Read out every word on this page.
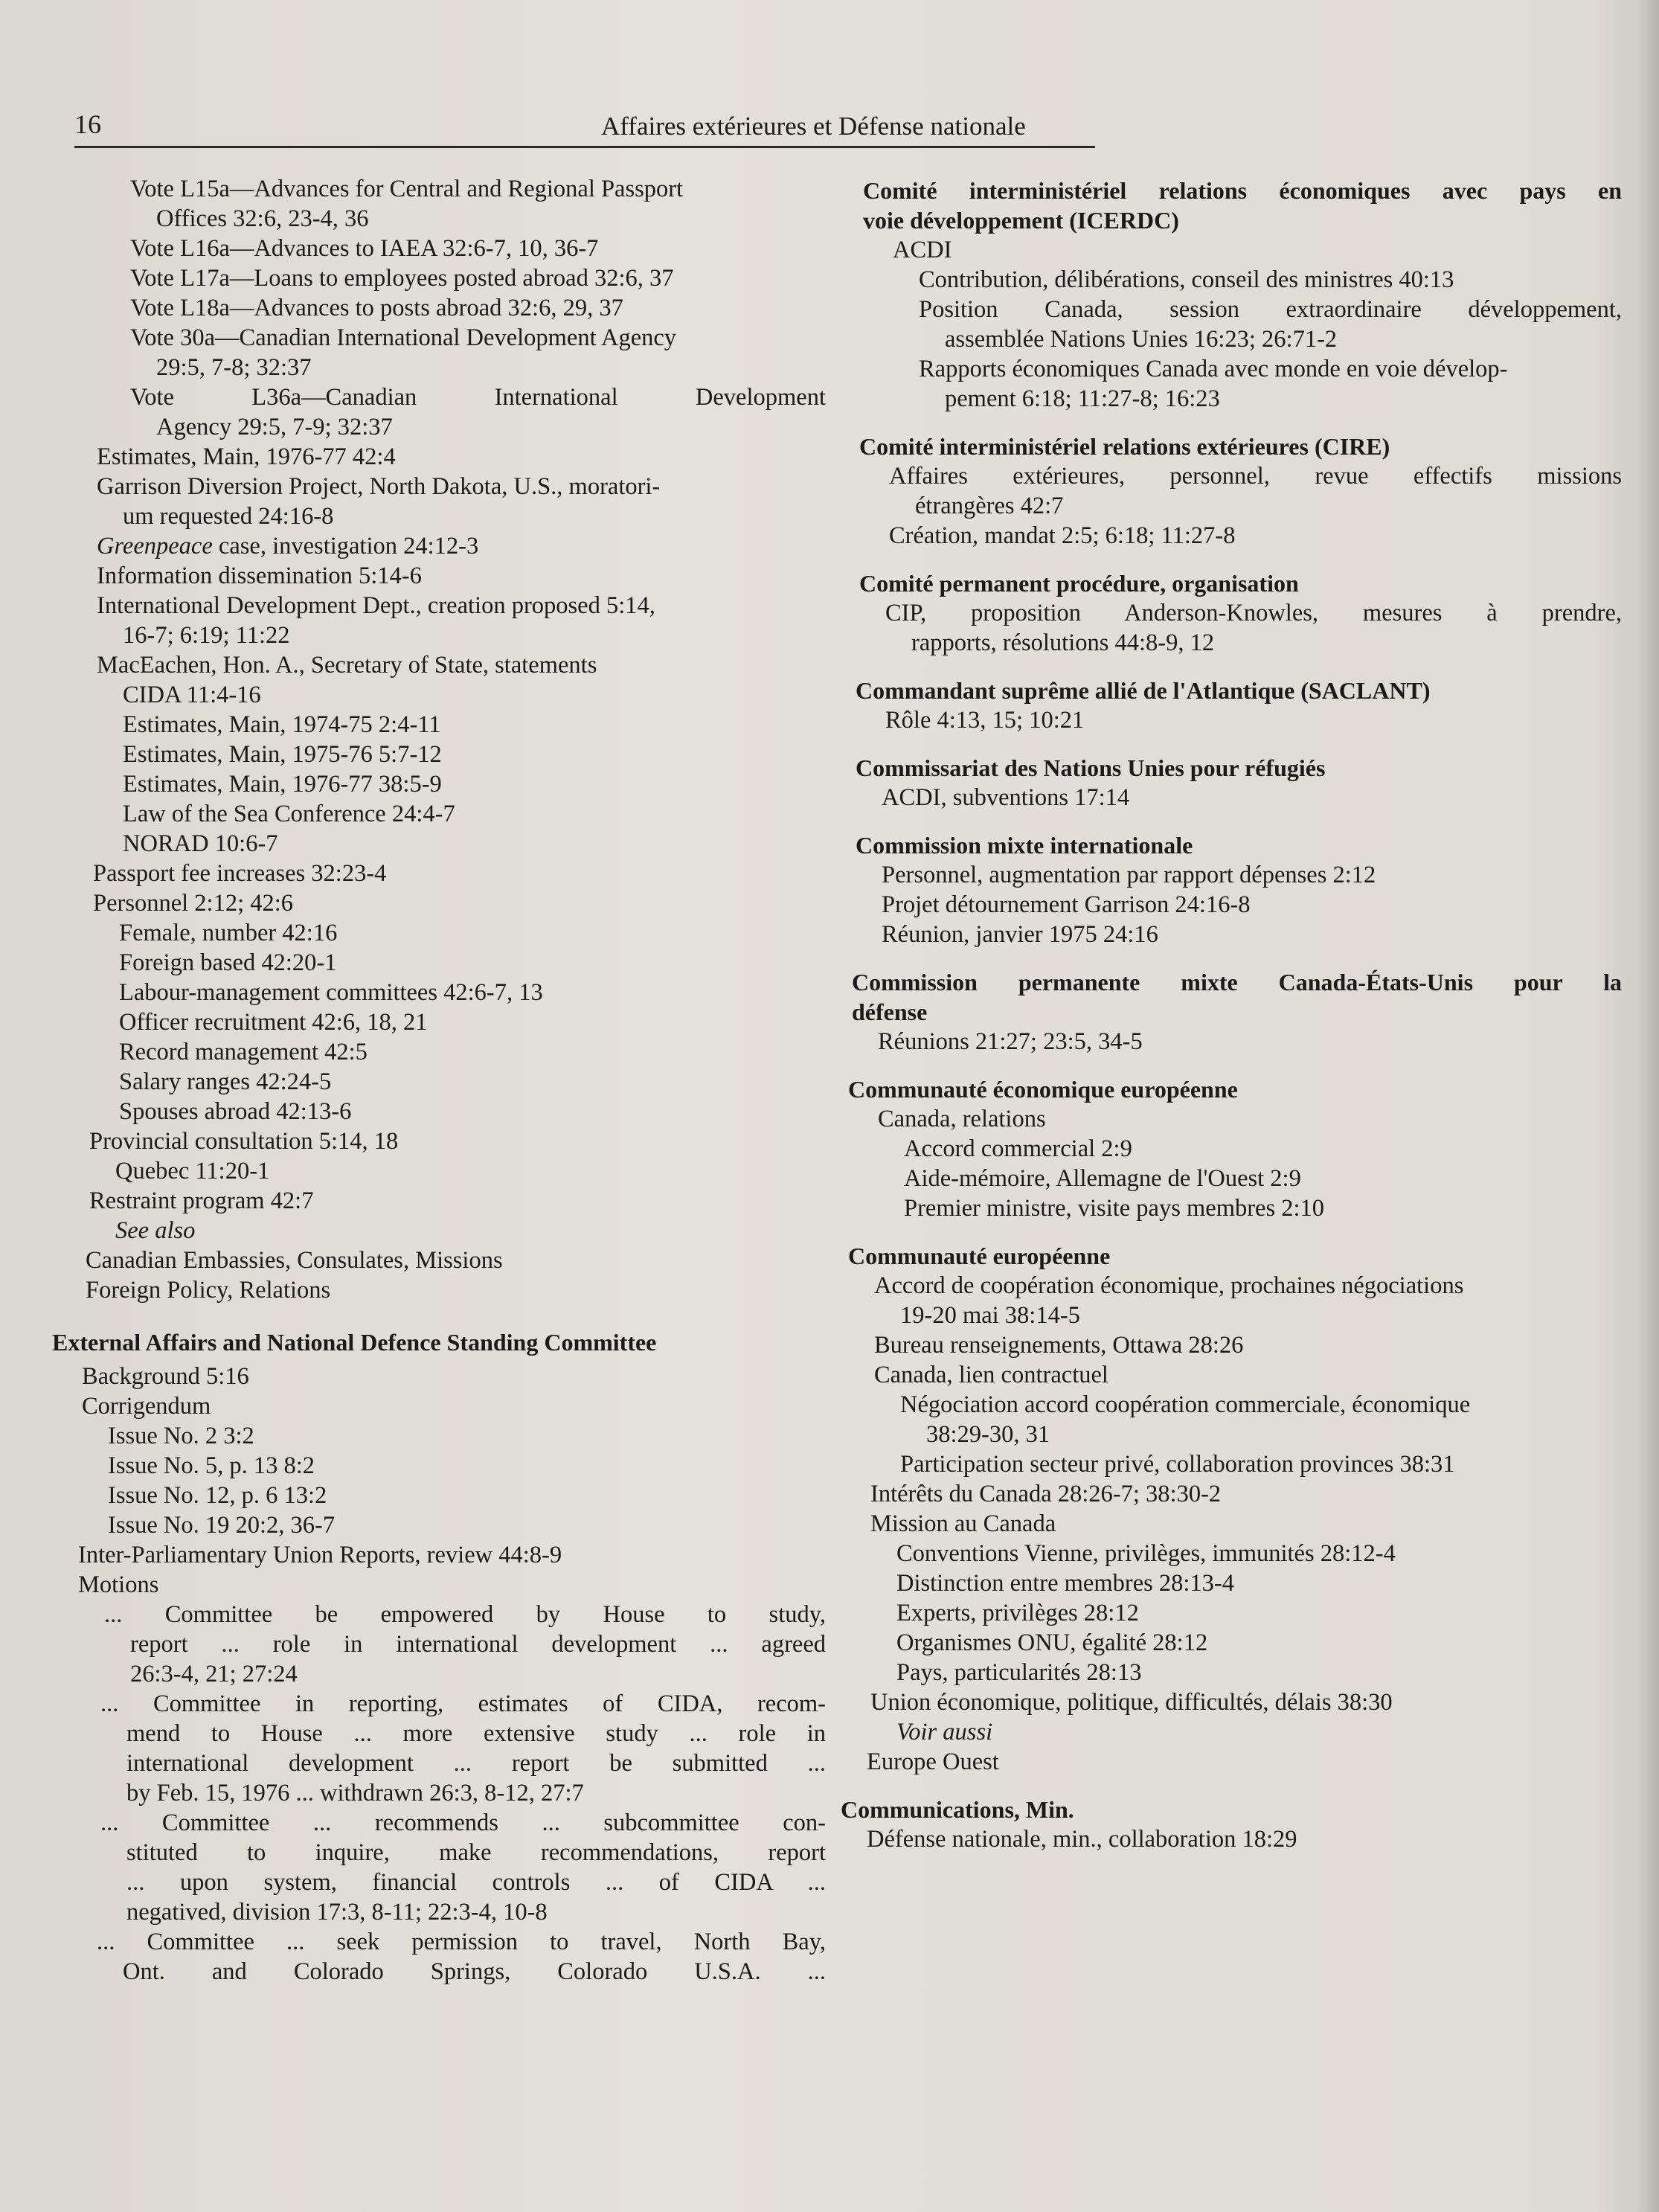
16	Affaires extérieures et Défense nationale
Vote L15a—Advances for Central and Regional Passport
Offices 32:6, 23-4, 36
Vote L16a—Advances to IAEA 32:6-7, 10, 36-7
Vote L17a—Loans to employees posted abroad 32:6, 37
Vote L18a—Advances to posts abroad 32:6, 29, 37
Vote 30a—Canadian International Development Agency
29:5, 7-8; 32:37
Vote L36a—Canadian International Development
Agency 29:5, 7-9; 32:37
Estimates, Main, 1976-77 42:4
Garrison Diversion Project, North Dakota, U.S., moratori-
um requested 24:16-8
Greenpeace case, investigation 24:12-3
Information dissemination 5:14-6
International Development Dept., creation proposed 5:14,
16-7; 6:19; 11:22
MacEachen, Hon. A., Secretary of State, statements
CIDA 11:4-16
Estimates, Main, 1974-75 2:4-11
Estimates, Main, 1975-76 5:7-12
Estimates, Main, 1976-77 38:5-9
Law of the Sea Conference 24:4-7
NORAD 10:6-7
Passport fee increases 32:23-4
Personnel 2:12; 42:6
Female, number 42:16
Foreign based 42:20-1
Labour-management committees 42:6-7, 13
Officer recruitment 42:6, 18, 21
Record management 42:5
Salary ranges 42:24-5
Spouses abroad 42:13-6
Provincial consultation 5:14, 18
Quebec 11:20-1
Restraint program 42:7
See also
Canadian Embassies, Consulates, Missions
Foreign Policy, Relations
External Affairs and National Defence Standing Committee
Background 5:16
Corrigendum
Issue No. 2 3:2
Issue No. 5, p. 13 8:2
Issue No. 12, p. 6 13:2
Issue No. 19 20:2, 36-7
Inter-Parliamentary Union Reports, review 44:8-9
Motions
... Committee be empowered by House to study,
report ... role in international development ... agreed
26:3-4, 21; 27:24
... Committee in reporting, estimates of CIDA, recom-
mend to House ... more extensive study ... role in
international development ... report be submitted ...
by Feb. 15, 1976 ... withdrawn 26:3, 8-12, 27:7
... Committee ... recommends ... subcommittee con-
stituted to inquire, make recommendations, report
... upon system, financial controls ... of CIDA ...
negatived, division 17:3, 8-11; 22:3-4, 10-8
... Committee ... seek permission to travel, North Bay,
Ont. and Colorado Springs, Colorado U.S.A. ...
Comité interministériel relations économiques avec pays en
voie développement (ICERDC)
ACDI
Contribution, délibérations, conseil des ministres 40:13
Position Canada, session extraordinaire développement,
assemblée Nations Unies 16:23; 26:71-2
Rapports économiques Canada avec monde en voie dévelop-
pement 6:18; 11:27-8; 16:23
Comité interministériel relations extérieures (CIRE)
Affaires extérieures, personnel, revue effectifs missions
étrangères 42:7
Création, mandat 2:5; 6:18; 11:27-8
Comité permanent procédure, organisation
CIP, proposition Anderson-Knowles, mesures à prendre,
rapports, résolutions 44:8-9, 12
Commandant suprême allié de l'Atlantique (SACLANT)
Rôle 4:13, 15; 10:21
Commissariat des Nations Unies pour réfugiés
ACDI, subventions 17:14
Commission mixte internationale
Personnel, augmentation par rapport dépenses 2:12
Projet détournement Garrison 24:16-8
Réunion, janvier 1975 24:16
Commission permanente mixte Canada-États-Unis pour la
défense
Réunions 21:27; 23:5, 34-5
Communauté économique européenne
Canada, relations
Accord commercial 2:9
Aide-mémoire, Allemagne de l'Ouest 2:9
Premier ministre, visite pays membres 2:10
Communauté européenne
Accord de coopération économique, prochaines négociations
19-20 mai 38:14-5
Bureau renseignements, Ottawa 28:26
Canada, lien contractuel
Négociation accord coopération commerciale, économique
38:29-30, 31
Participation secteur privé, collaboration provinces 38:31
Intérêts du Canada 28:26-7; 38:30-2
Mission au Canada
Conventions Vienne, privilèges, immunités 28:12-4
Distinction entre membres 28:13-4
Experts, privilèges 28:12
Organismes ONU, égalité 28:12
Pays, particularités 28:13
Union économique, politique, difficultés, délais 38:30
Voir aussi
Europe Ouest
Communications, Min.
Défense nationale, min., collaboration 18:29
